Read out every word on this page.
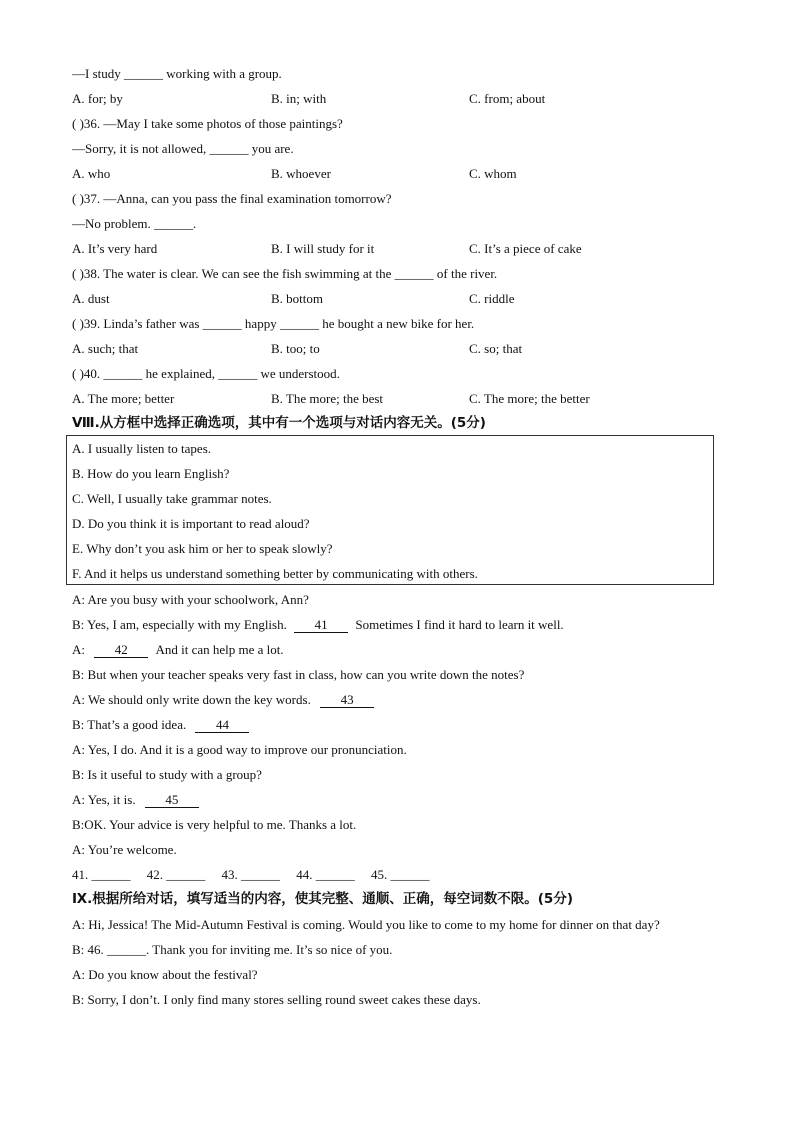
—I study ______ working with a group.
A. for; by	B. in; with	C. from; about
( )36. —May I take some photos of those paintings?
—Sorry, it is not allowed, ______ you are.
A. who	B. whoever	C. whom
( )37. —Anna, can you pass the final examination tomorrow?
—No problem. ______.
A. It’s very hard	B. I will study for it	C. It’s a piece of cake
( )38. The water is clear. We can see the fish swimming at the ______ of the river.
A. dust	B. bottom	C. riddle
( )39. Linda’s father was ______ happy ______ he bought a new bike for her.
A. such; that	B. too; to	C. so; that
( )40. ______ he explained, ______ we understood.
A. The more; better	B. The more; the best	C. The more; the better
Ⅷ.从方框中选择正确选项，其中有一个选项与对话内容无关。(5分)
A. I usually listen to tapes.
B. How do you learn English?
C. Well, I usually take grammar notes.
D. Do you think it is important to read aloud?
E. Why don’t you ask him or her to speak slowly?
F. And it helps us understand something better by communicating with others.
A: Are you busy with your schoolwork, Ann?
B: Yes, I am, especially with my English. 41 Sometimes I find it hard to learn it well.
A: 42 And it can help me a lot.
B: But when your teacher speaks very fast in class, how can you write down the notes?
A: We should only write down the key words. 43
B: That’s a good idea. 44
A: Yes, I do. And it is a good way to improve our pronunciation.
B: Is it useful to study with a group?
A: Yes, it is. 45
B:OK. Your advice is very helpful to me. Thanks a lot.
A: You’re welcome.
41. ______     42. ______     43. ______     44. ______     45. ______
Ⅸ.根据所给对话，填写适当的内容，使其完整、通顺、正确，每空词数不限。(5分)
A: Hi, Jessica! The Mid-Autumn Festival is coming. Would you like to come to my home for dinner on that day?
B: 46. ______. Thank you for inviting me. It’s so nice of you.
A: Do you know about the festival?
B: Sorry, I don’t. I only find many stores selling round sweet cakes these days.
